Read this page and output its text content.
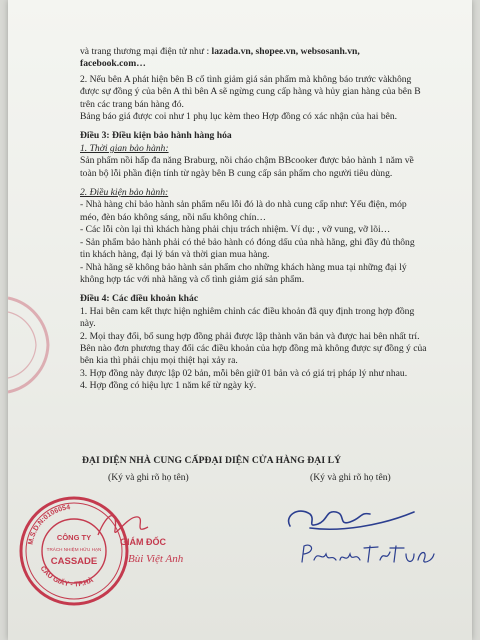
và trang thương mại điện tử như : lazada.vn, shopee.vn, websosanh.vn,

facebook.com…

2. Nếu bên A phát hiện bên B cố tình giảm giá sản phẩm mà không báo trước vàkhông

được sự đồng ý của bên A thì bên A sẽ ngừng cung cấp hàng và hủy gian hàng của bên B

trên các trang bán hàng đó.

Bảng báo giá được coi như 1 phụ lục kèm theo Hợp đồng có xác nhận của hai bên.

Điều 3: Điều kiện bảo hành hàng hóa

1. Thời gian bảo hành:

Sản phẩm nồi hấp đa năng Braburg, nồi cháo chậm BBcooker được bảo hành 1 năm về

toàn bộ lỗi phần điện tính từ ngày bên B cung cấp sản phẩm cho người tiêu dùng.

2. Điều kiện bảo hành:

- Nhà hàng chỉ bảo hành sản phẩm nếu lỗi đó là do nhà cung cấp như: Yếu điện, móp

méo, đèn báo không sáng, nồi nấu không chín…

- Các lỗi còn lại thì khách hàng phải chịu trách nhiệm. Ví dụ: , vỡ vung, vỡ lõi…

- Sản phẩm bảo hành phải có thẻ bảo hành có đóng dấu của nhà hãng, ghi đầy đủ thông

tin khách hàng, đại lý bán và thời gian mua hàng.

- Nhà hãng sẽ không bảo hành sản phẩm cho những khách hàng mua tại những đại lý

không hợp tác với nhà hãng và cố tình giảm giá sản phẩm.

Điều 4: Các điều khoản khác

1. Hai bên cam kết thực hiện nghiêm chỉnh các điều khoản đã quy định trong hợp đồng

này.

2. Mọi thay đổi, bổ sung hợp đồng phải được lập thành văn bản và được hai bên nhất trí.

Bên nào đơn phương thay đổi các điều khoản của hợp đồng mà không được sự đồng ý của

bên kia thì phải chịu mọi thiệt hại xảy ra.

3. Hợp đồng này được lập 02 bản, mỗi bên giữ 01 bản và có giá trị pháp lý như nhau.

4. Hợp đồng có hiệu lực 1 năm kể từ ngày ký.

ĐẠI DIỆN NHÀ CUNG CẤPĐẠI DIỆN CỬA HÀNG ĐẠI LÝ
(Ký và ghi rõ họ tên)	(Ký và ghi rõ họ tên)
M.S.D.N:0106054
CẦU GIẤY - TP.HÀ
CÔNG TY
TRÁCH NHIỆM HỮU HẠN
CASSADE
GIÁM ĐỐC
Bùi Việt Anh
